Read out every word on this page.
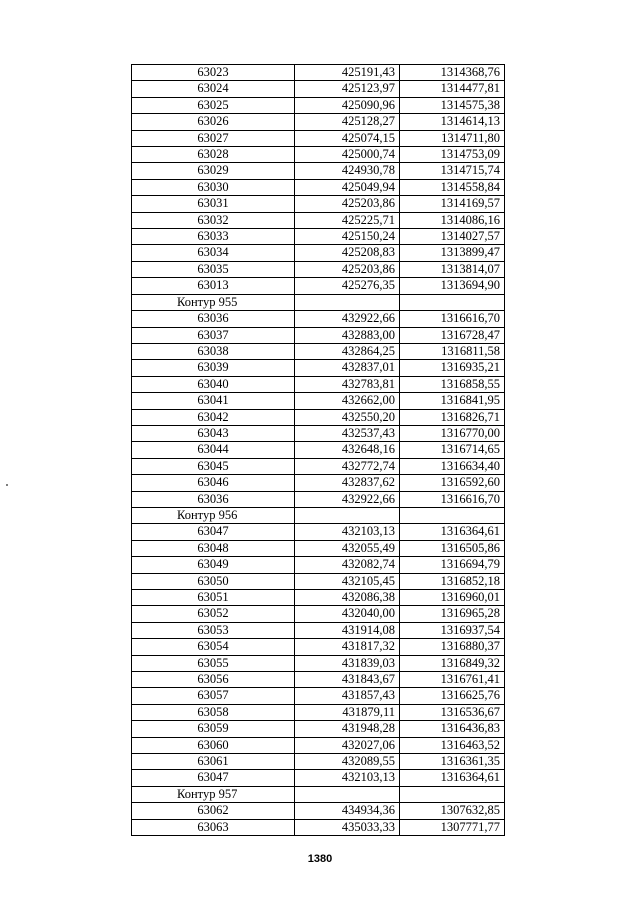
63023	425191,43	1314368,76
63024	425123,97	1314477,81
63025	425090,96	1314575,38
63026	425128,27	1314614,13
63027	425074,15	1314711,80
63028	425000,74	1314753,09
63029	424930,78	1314715,74
63030	425049,94	1314558,84
63031	425203,86	1314169,57
63032	425225,71	1314086,16
63033	425150,24	1314027,57
63034	425208,83	1313899,47
63035	425203,86	1313814,07
63013	425276,35	1313694,90
Контур 955		
63036	432922,66	1316616,70
63037	432883,00	1316728,47
63038	432864,25	1316811,58
63039	432837,01	1316935,21
63040	432783,81	1316858,55
63041	432662,00	1316841,95
63042	432550,20	1316826,71
63043	432537,43	1316770,00
63044	432648,16	1316714,65
63045	432772,74	1316634,40
63046	432837,62	1316592,60
63036	432922,66	1316616,70
Контур 956		
63047	432103,13	1316364,61
63048	432055,49	1316505,86
63049	432082,74	1316694,79
63050	432105,45	1316852,18
63051	432086,38	1316960,01
63052	432040,00	1316965,28
63053	431914,08	1316937,54
63054	431817,32	1316880,37
63055	431839,03	1316849,32
63056	431843,67	1316761,41
63057	431857,43	1316625,76
63058	431879,11	1316536,67
63059	431948,28	1316436,83
63060	432027,06	1316463,52
63061	432089,55	1316361,35
63047	432103,13	1316364,61
Контур 957		
63062	434934,36	1307632,85
63063	435033,33	1307771,77
1380
